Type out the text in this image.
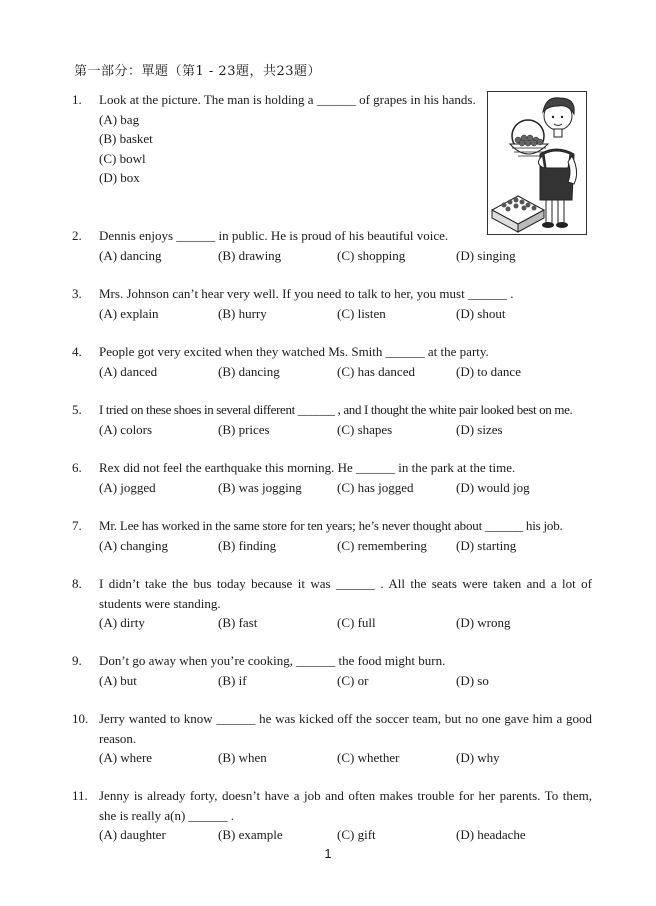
第一部分：單題（第1 - 23題，共23題）
1. Look at the picture. The man is holding a ______ of grapes in his hands.
(A) bag
(B) basket
(C) bowl
(D) box
2. Dennis enjoys ______ in public. He is proud of his beautiful voice.
(A) dancing	(B) drawing	(C) shopping	(D) singing
3. Mrs. Johnson can’t hear very well. If you need to talk to her, you must ______ .
(A) explain	(B) hurry	(C) listen	(D) shout
4. People got very excited when they watched Ms. Smith ______ at the party.
(A) danced	(B) dancing	(C) has danced	(D) to dance
5. I tried on these shoes in several different ______ , and I thought the white pair looked best on me.
(A) colors	(B) prices	(C) shapes	(D) sizes
6. Rex did not feel the earthquake this morning. He ______ in the park at the time.
(A) jogged	(B) was jogging	(C) has jogged	(D) would jog
7. Mr. Lee has worked in the same store for ten years; he’s never thought about ______ his job.
(A) changing	(B) finding	(C) remembering	(D) starting
8. I didn’t take the bus today because it was ______ . All the seats were taken and a lot of students were standing.
(A) dirty	(B) fast	(C) full	(D) wrong
9. Don’t go away when you’re cooking, ______ the food might burn.
(A) but	(B) if	(C) or	(D) so
10. Jerry wanted to know ______ he was kicked off the soccer team, but no one gave him a good reason.
(A) where	(B) when	(C) whether	(D) why
11. Jenny is already forty, doesn’t have a job and often makes trouble for her parents. To them, she is really a(n) ______ .
(A) daughter	(B) example	(C) gift	(D) headache
1
